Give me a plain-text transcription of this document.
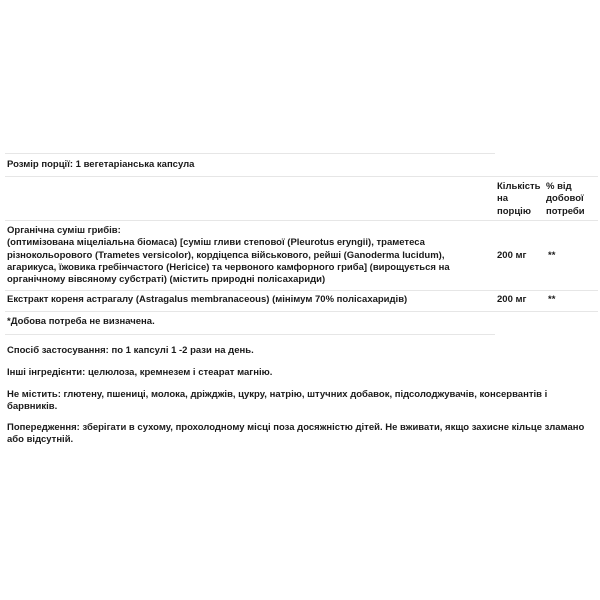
Розмір порції: 1 вегетаріанська капсула
Кількість
на
порцію
% від
добової
потреби
Органічна суміш грибів:
(оптимізована міцеліальна біомаса) [суміш гливи степової (Pleurotus eryngii), траметеса
різнокольорового (Trametes versicolor), кордіцепса військового, рейші (Ganoderma lucidum),
агарикуса, їжовика гребінчастого (Hericice) та червоного камфорного гриба] (вирощується на
органічному вівсяному субстраті) (містить природні полісахариди)
200 мг **
Екстракт кореня астрагалу (Astragalus membranaceous) (мінімум 70% полісахаридів)	200 мг **
*Добова потреба не визначена.
Спосіб застосування: по 1 капсулі 1 -2 рази на день.
Інші інгредієнти: целюлоза, кремнезем і стеарат магнію.
Не містить: глютену, пшениці, молока, дріжджів, цукру, натрію, штучних добавок, підсолоджувачів, консервантів і
барвників.
Попередження: зберігати в сухому, прохолодному місці поза досяжністю дітей. Не вживати, якщо захисне кільце зламано
або відсутній.
